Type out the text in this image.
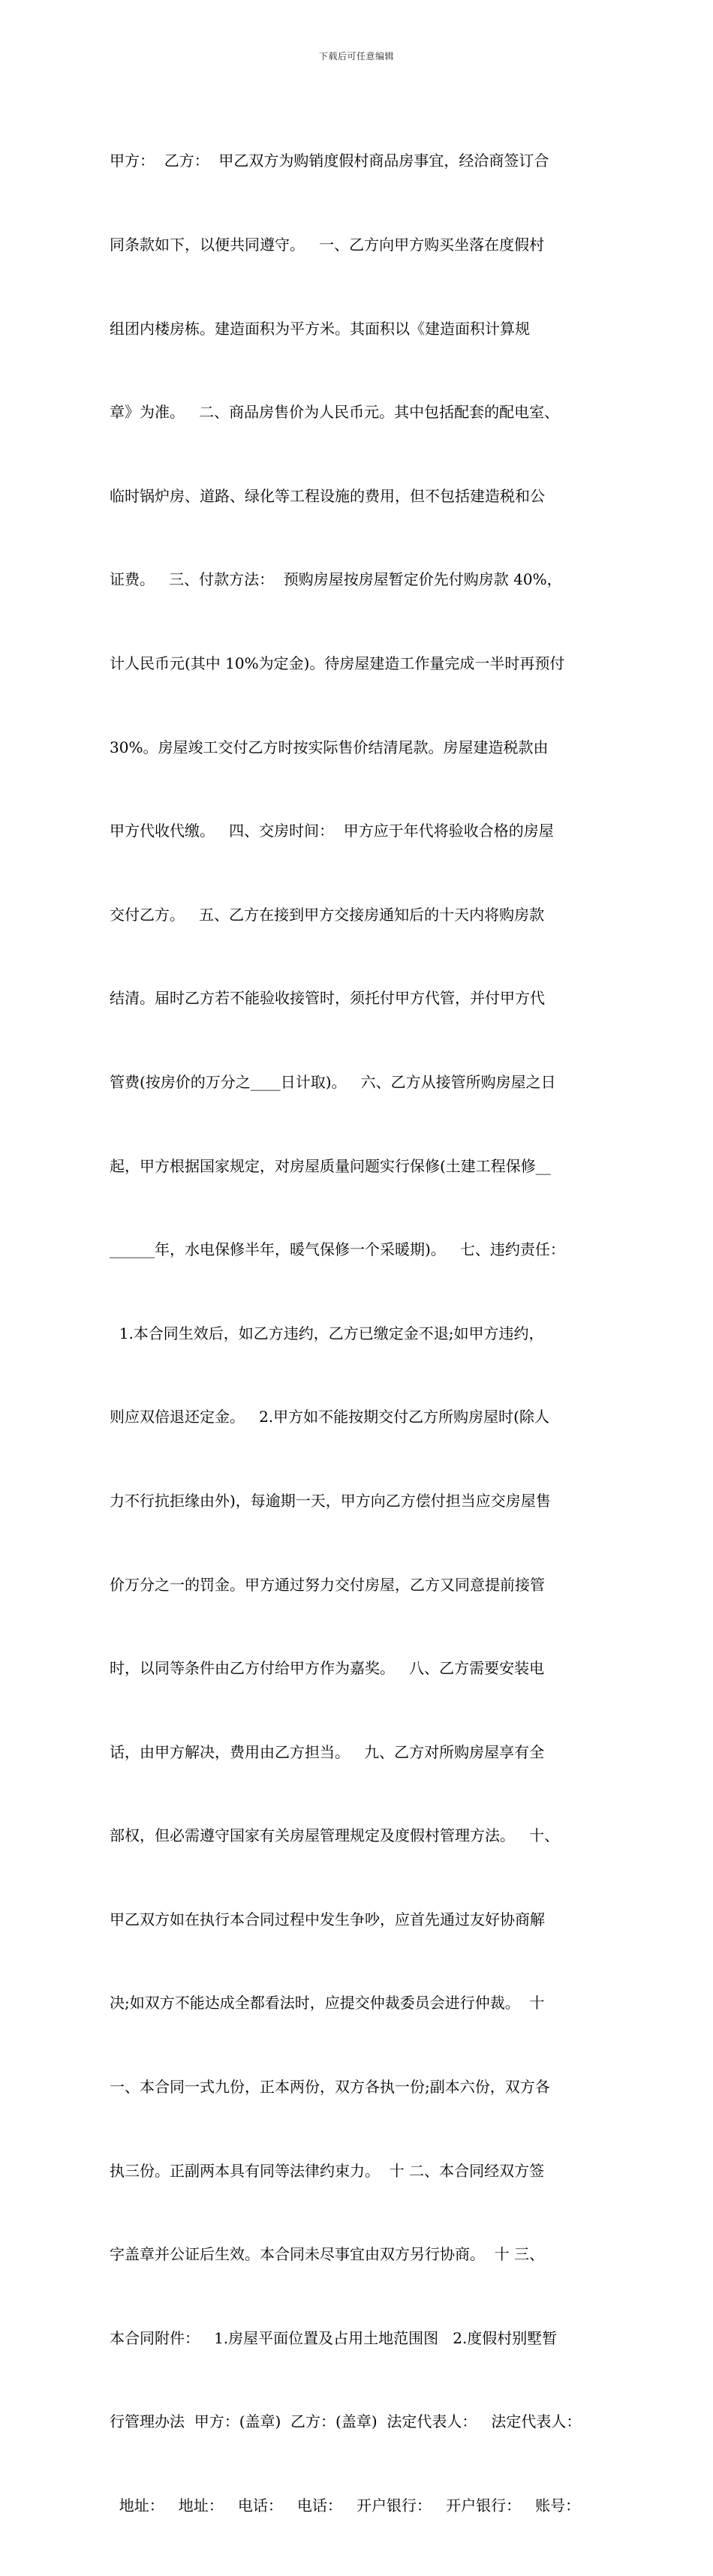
下载后可任意编辑

甲方：  乙方：  甲乙双方为购销度假村商品房事宜，经洽商签订合

同条款如下，以便共同遵守。   一、乙方向甲方购买坐落在度假村

组团内楼房栋。建造面积为平方米。其面积以《建造面积计算规

章》为准。   二、商品房售价为人民币元。其中包括配套的配电室、

临时锅炉房、道路、绿化等工程设施的费用，但不包括建造税和公

证费。   三、付款方法：  预购房屋按房屋暂定价先付购房款 40%，

计人民币元(其中 10%为定金)。待房屋建造工作量完成一半时再预付

30%。房屋竣工交付乙方时按实际售价结清尾款。房屋建造税款由

甲方代收代缴。   四、交房时间：  甲方应于年代将验收合格的房屋

交付乙方。   五、乙方在接到甲方交接房通知后的十天内将购房款

结清。届时乙方若不能验收接管时，须托付甲方代管，并付甲方代

管费(按房价的万分之____日计取)。   六、乙方从接管所购房屋之日

起，甲方根据国家规定，对房屋质量问题实行保修(土建工程保修__

______年，水电保修半年，暖气保修一个采暖期)。   七、违约责任：

1.本合同生效后，如乙方违约，乙方已缴定金不退;如甲方违约，

则应双倍退还定金。   2.甲方如不能按期交付乙方所购房屋时(除人

力不行抗拒缘由外)，每逾期一天，甲方向乙方偿付担当应交房屋售

价万分之一的罚金。甲方通过努力交付房屋，乙方又同意提前接管

时，以同等条件由乙方付给甲方作为嘉奖。   八、乙方需要安装电

话，由甲方解决，费用由乙方担当。   九、乙方对所购房屋享有全

部权，但必需遵守国家有关房屋管理规定及度假村管理方法。   十、

甲乙双方如在执行本合同过程中发生争吵，应首先通过友好协商解

决;如双方不能达成全都看法时，应提交仲裁委员会进行仲裁。  十

一、本合同一式九份，正本两份，双方各执一份;副本六份，双方各

执三份。正副两本具有同等法律约束力。  十 二、本合同经双方签

字盖章并公证后生效。本合同未尽事宜由双方另行协商。  十 三、

本合同附件：   1.房屋平面位置及占用土地范围图   2.度假村别墅暂

行管理办法  甲方：(盖章)  乙方：(盖章)  法定代表人：   法定代表人：

地址：   地址：   电话：   电话：   开户银行：   开户银行：   账号：
